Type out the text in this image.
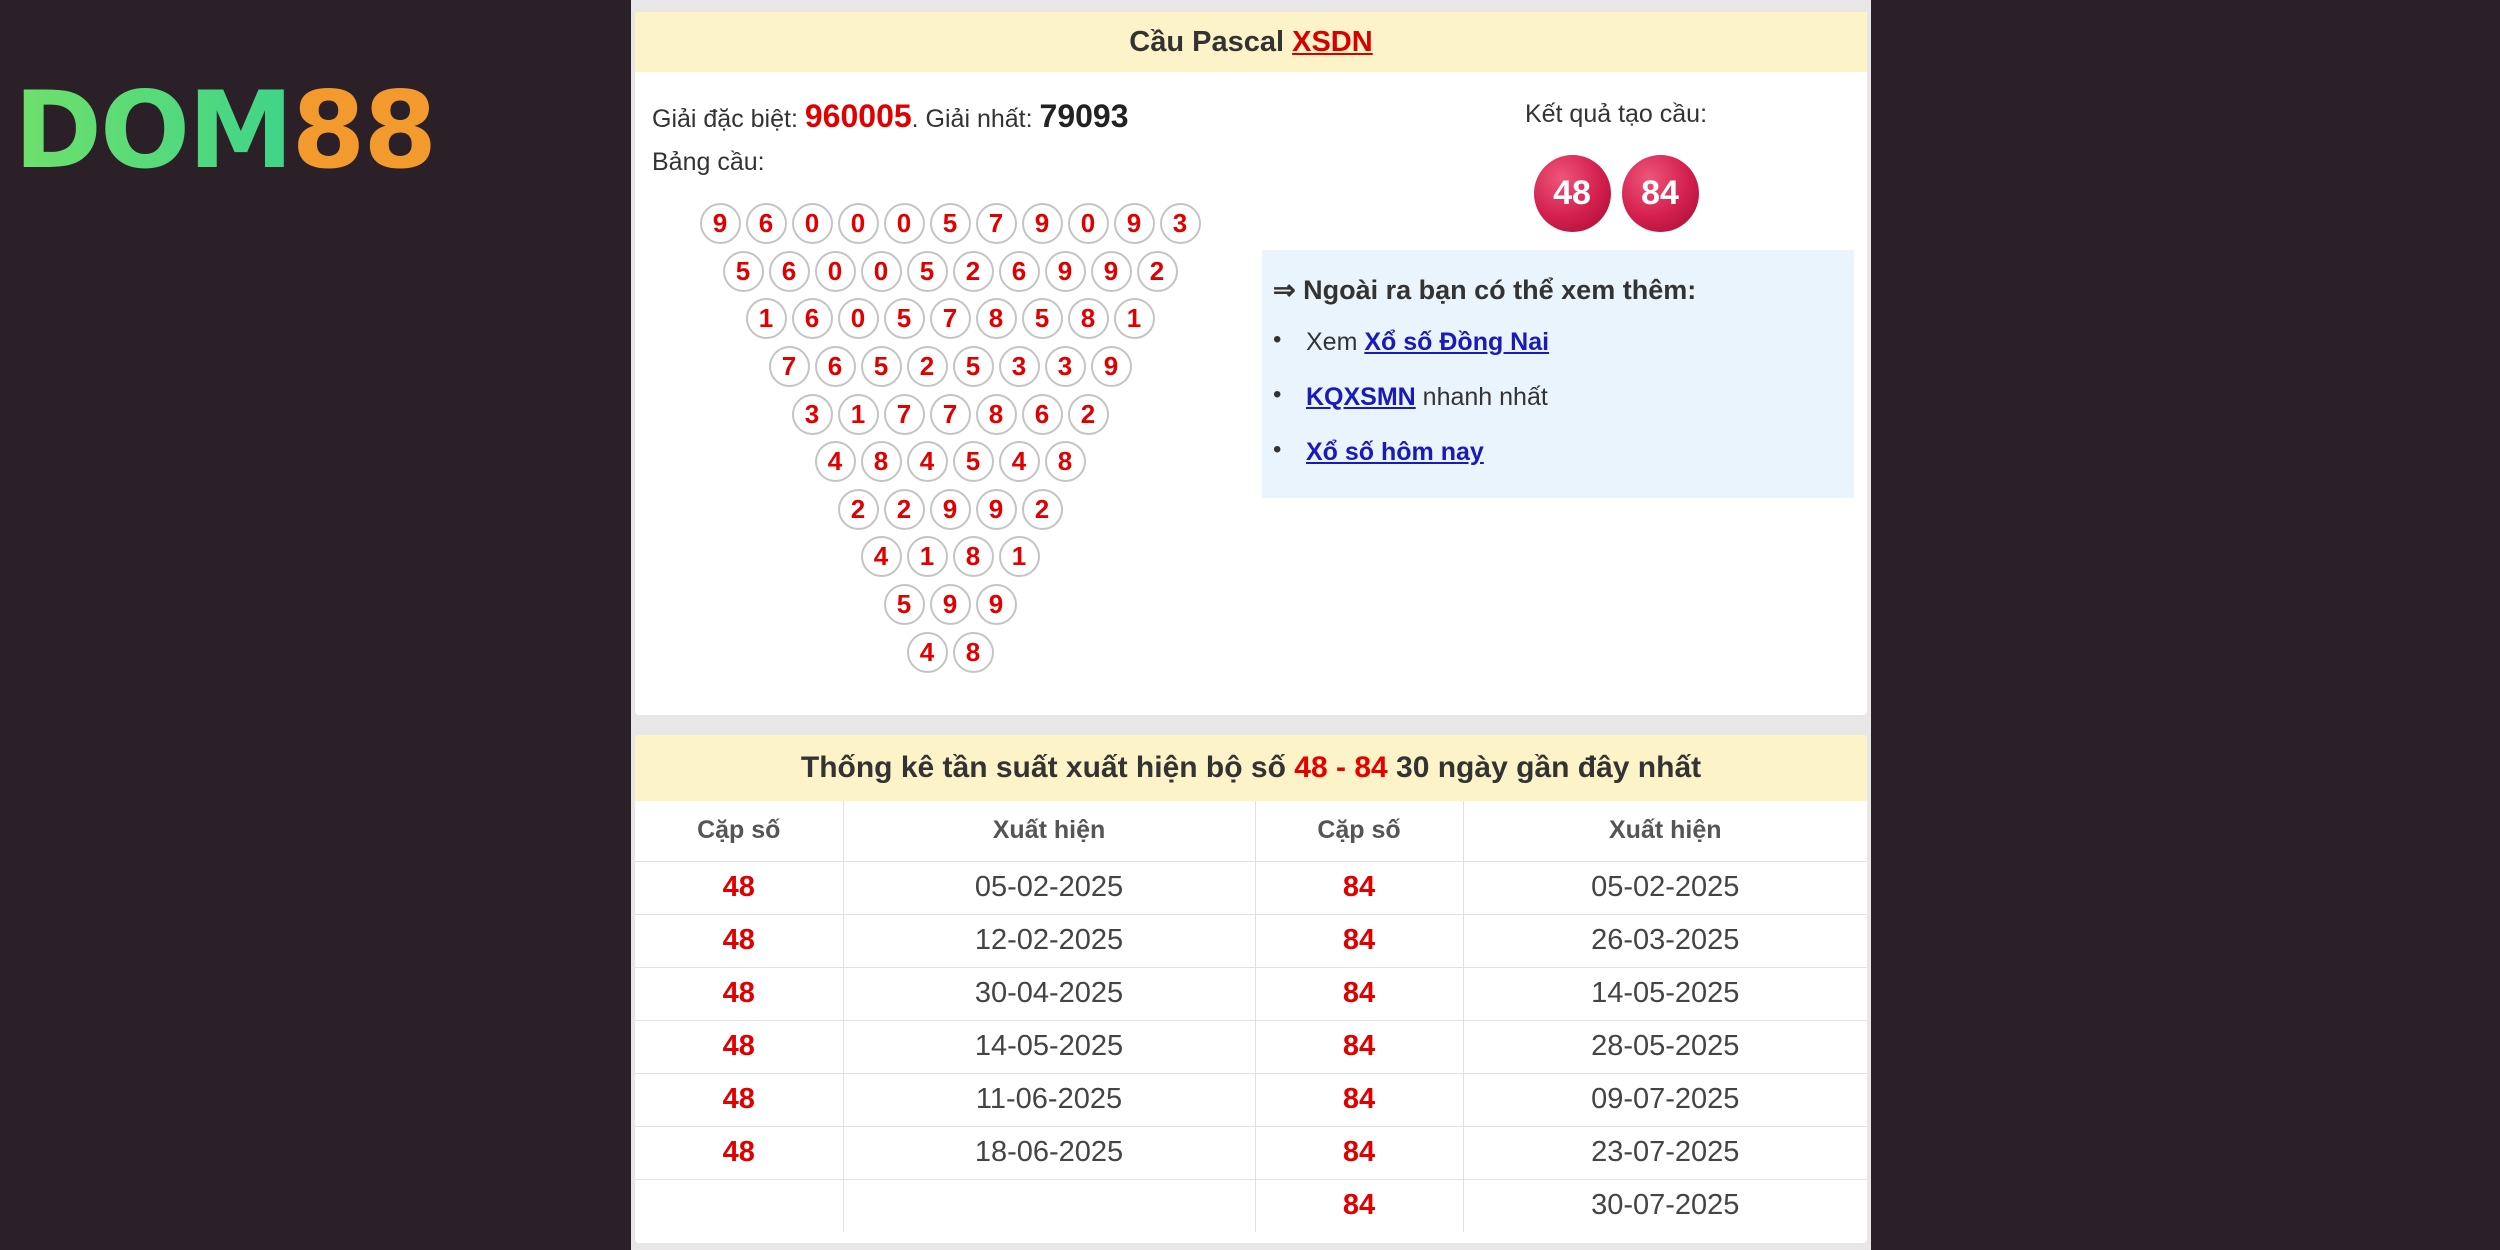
DOM88
Cầu Pascal XSDN
Giải đặc biệt: 960005. Giải nhất: 79093
Bảng cầu:
9	6	0	0	0	5	7	9	0	9	3
5	6	0	0	5	2	6	9	9	2
1	6	0	5	7	8	5	8	1
7	6	5	2	5	3	3	9
3	1	7	7	8	6	2
4	8	4	5	4	8
2	2	9	9	2
4	1	8	1
5	9	9
4	8
Kết quả tạo cầu:
48	84
⇒ Ngoài ra bạn có thể xem thêm:
• Xem Xổ số Đồng Nai
• KQXSMN nhanh nhất
• Xổ số hôm nay
Thống kê tần suất xuất hiện bộ số 48 - 84 30 ngày gần đây nhất
Cặp số	Xuất hiện	Cặp số	Xuất hiện
48	05-02-2025	84	05-02-2025
48	12-02-2025	84	26-03-2025
48	30-04-2025	84	14-05-2025
48	14-05-2025	84	28-05-2025
48	11-06-2025	84	09-07-2025
48	18-06-2025	84	23-07-2025
		84	30-07-2025
